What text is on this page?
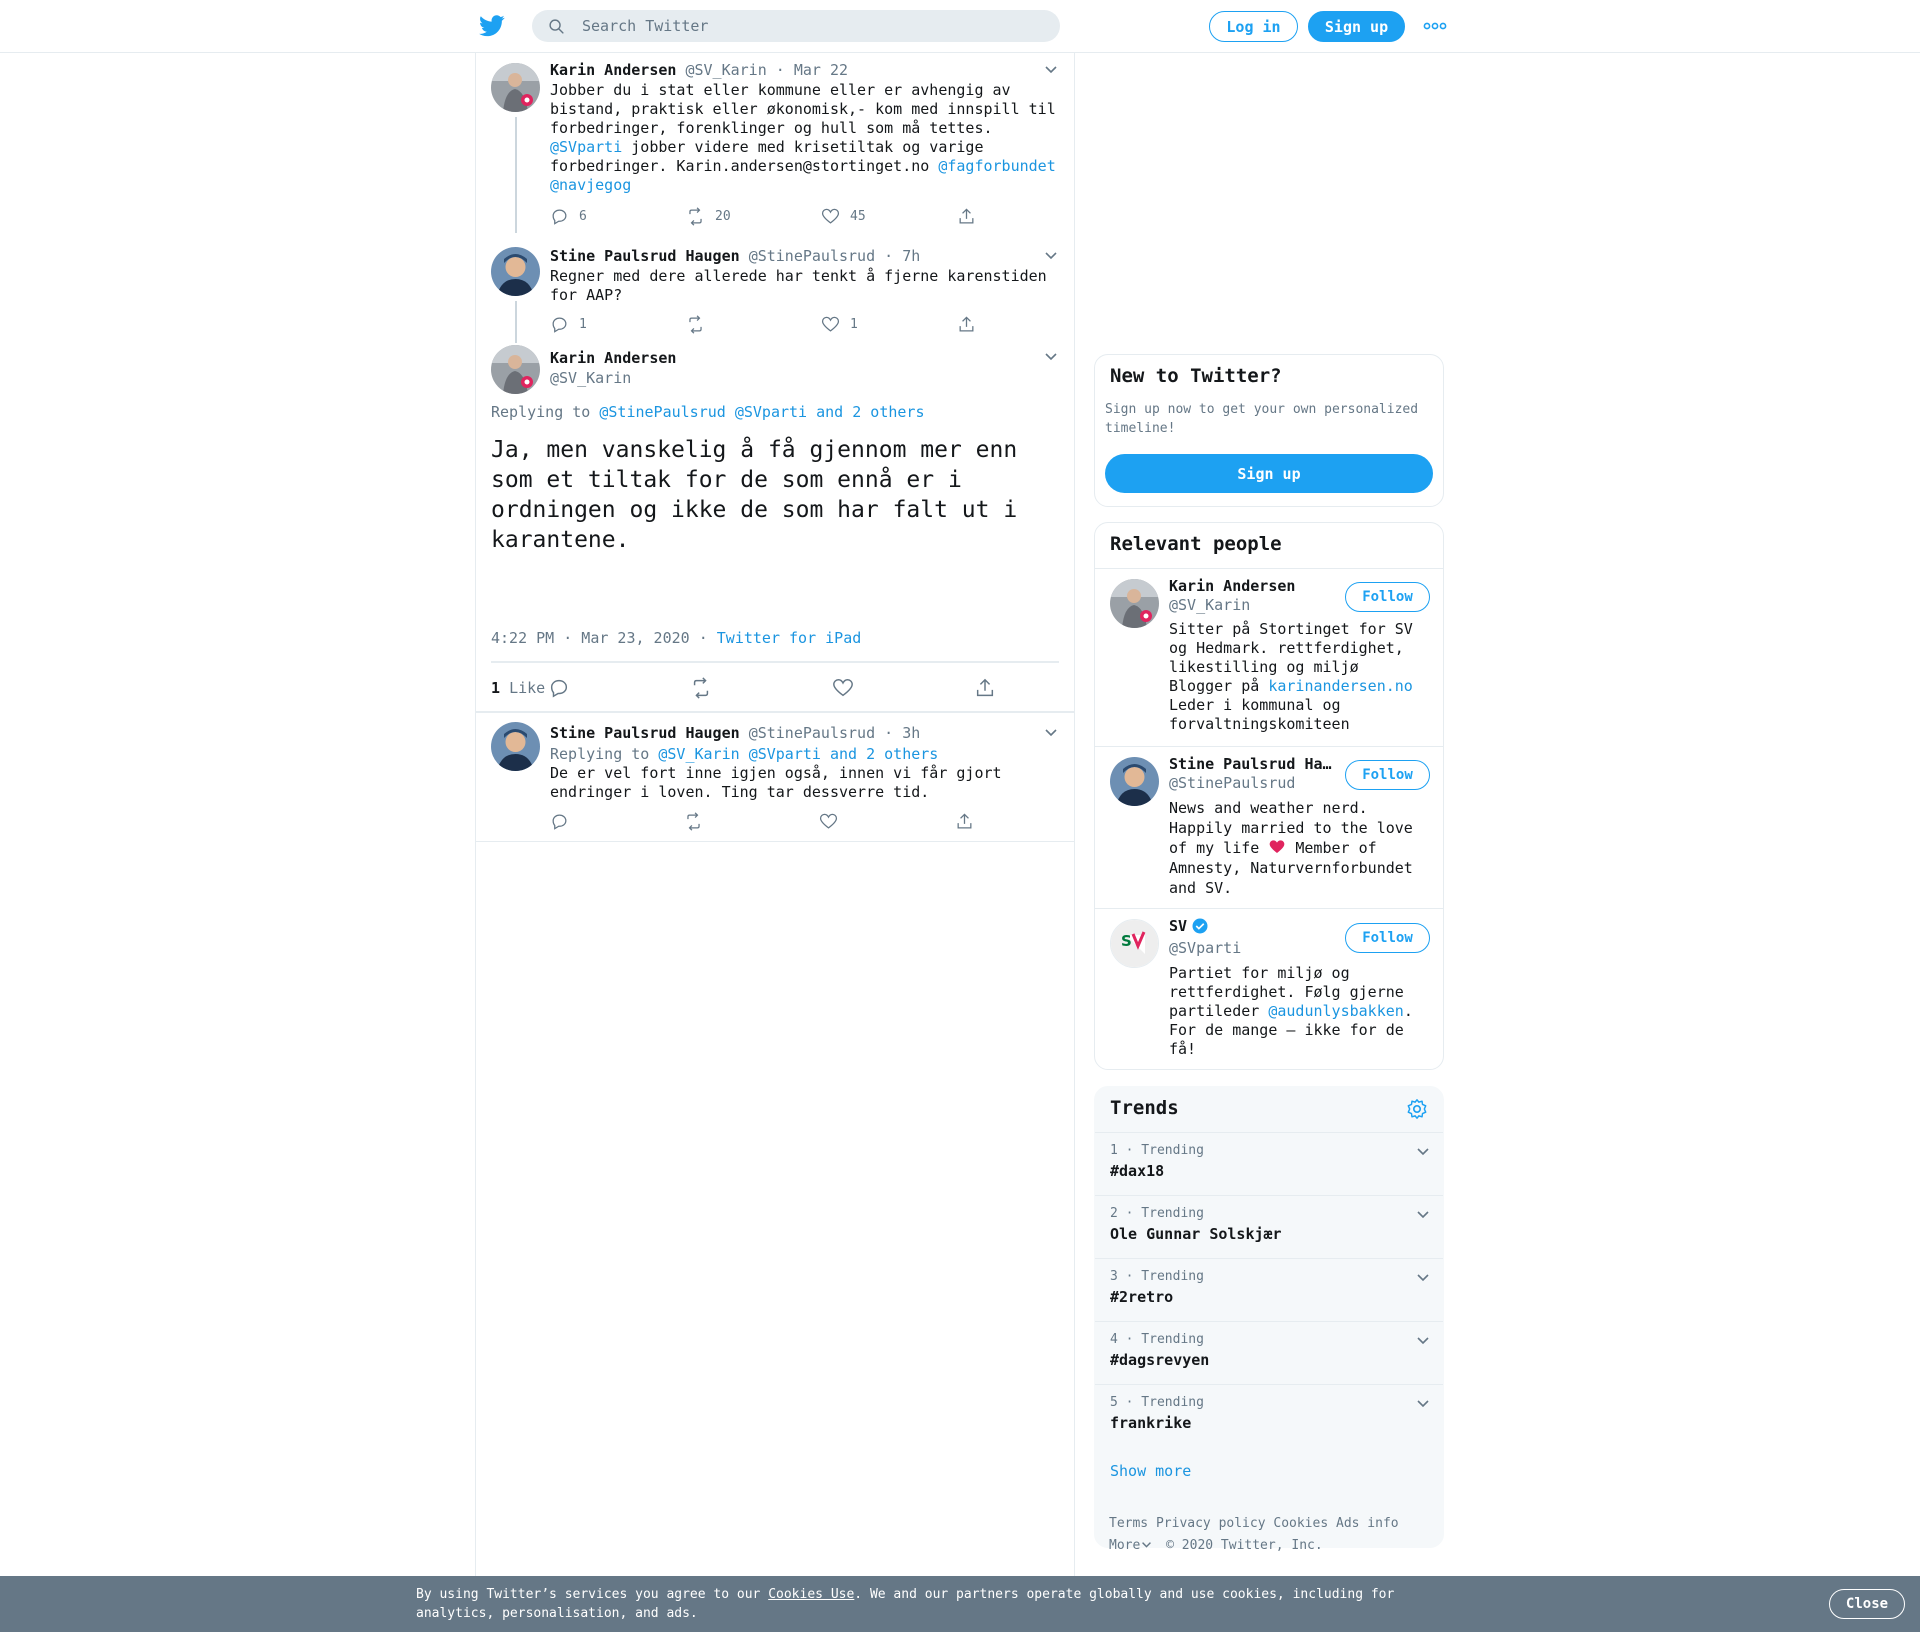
Search Twitter
Log in	Sign up
Karin Andersen @SV_Karin · Mar 22
Jobber du i stat eller kommune eller er avhengig av bistand, praktisk eller økonomisk,- kom med innspill til forbedringer, forenklinger og hull som må tettes. @SVparti jobber videre med krisetiltak og varige forbedringer. Karin.andersen@stortinget.no @fagforbundet
@navjegog
6	20	45
Stine Paulsrud Haugen @StinePaulsrud · 7h
Regner med dere allerede har tenkt å fjerne karenstiden for AAP?
1	1
Karin Andersen
@SV_Karin
Replying to @StinePaulsrud @SVparti and 2 others
Ja, men vanskelig å få gjennom mer enn som et tiltak for de som ennå er i ordningen og ikke de som har falt ut i karantene.
4:22 PM · Mar 23, 2020 · Twitter for iPad
1 Like
Stine Paulsrud Haugen @StinePaulsrud · 3h
Replying to @SV_Karin @SVparti and 2 others
De er vel fort inne igjen også, innen vi får gjort endringer i loven. Ting tar dessverre tid.
New to Twitter?
Sign up now to get your own personalized timeline!
Sign up
Relevant people
Karin Andersen
@SV_Karin	Follow
Sitter på Stortinget for SV og Hedmark. rettferdighet, likestilling og miljø
Blogger på karinandersen.no
Leder i kommunal og forvaltningskomiteen
Stine Paulsrud Ha…
@StinePaulsrud	Follow
News and weather nerd. Happily married to the love of my life  Member of Amnesty, Naturvernforbundet and SV.
S
SV
@SVparti
Follow
Partiet for miljø og rettferdighet. Følg gjerne partileder @audunlysbakken. For de mange — ikke for de få!
Trends
1 · Trending
#dax18
2 · Trending
Ole Gunnar Solskjær
3 · Trending
#2retro
4 · Trending
#dagsrevyen
5 · Trending
frankrike
Show more
Terms Privacy policy Cookies Ads info
More © 2020 Twitter, Inc.
By using Twitter’s services you agree to our Cookies Use. We and our partners operate globally and use cookies, including for analytics, personalisation, and ads.
Close
